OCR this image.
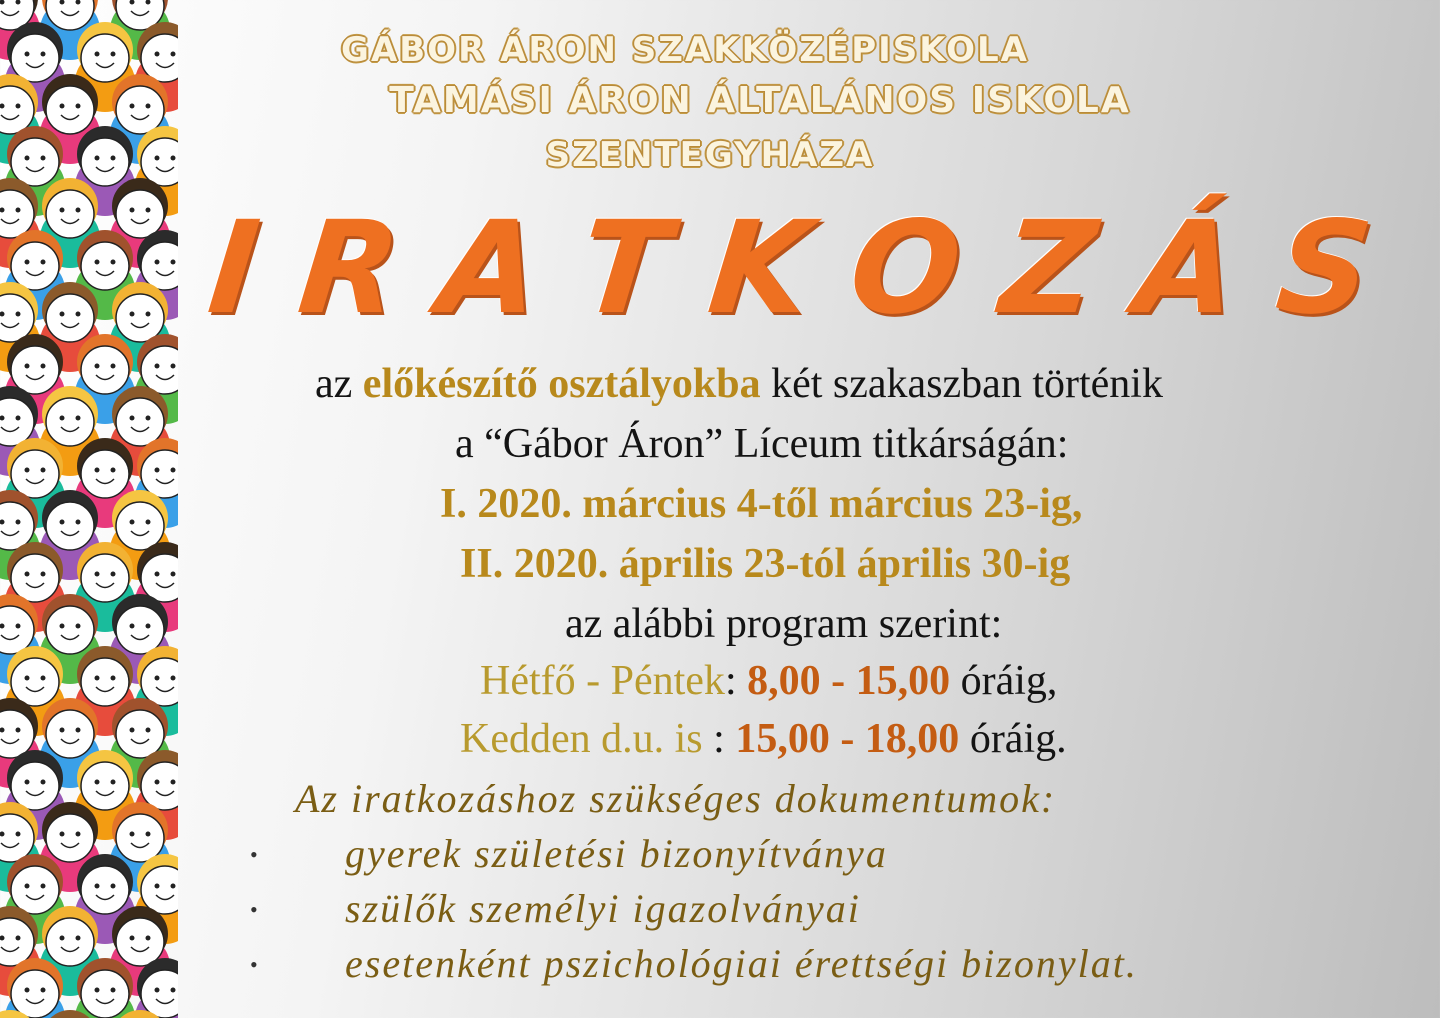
GÁBOR ÁRON SZAKKÖZÉPISKOLA
TAMÁSI ÁRON ÁLTALÁNOS ISKOLA
SZENTEGYHÁZA
I R A T K O Z Á S
az előkészítő osztályokba két szakaszban történik
a “Gábor Áron” Líceum titkárságán:
I. 2020. március 4-től március 23-ig,
II. 2020. április 23-tól április 30-ig
az alábbi program szerint:
Hétfő - Péntek: 8,00 - 15,00 óráig,
Kedden d.u. is : 15,00 - 18,00 óráig.
Az iratkozáshoz szükséges dokumentumok:
• gyerek születési bizonyítványa
• szülők személyi igazolványai
• esetenként pszichológiai érettségi bizonylat.
